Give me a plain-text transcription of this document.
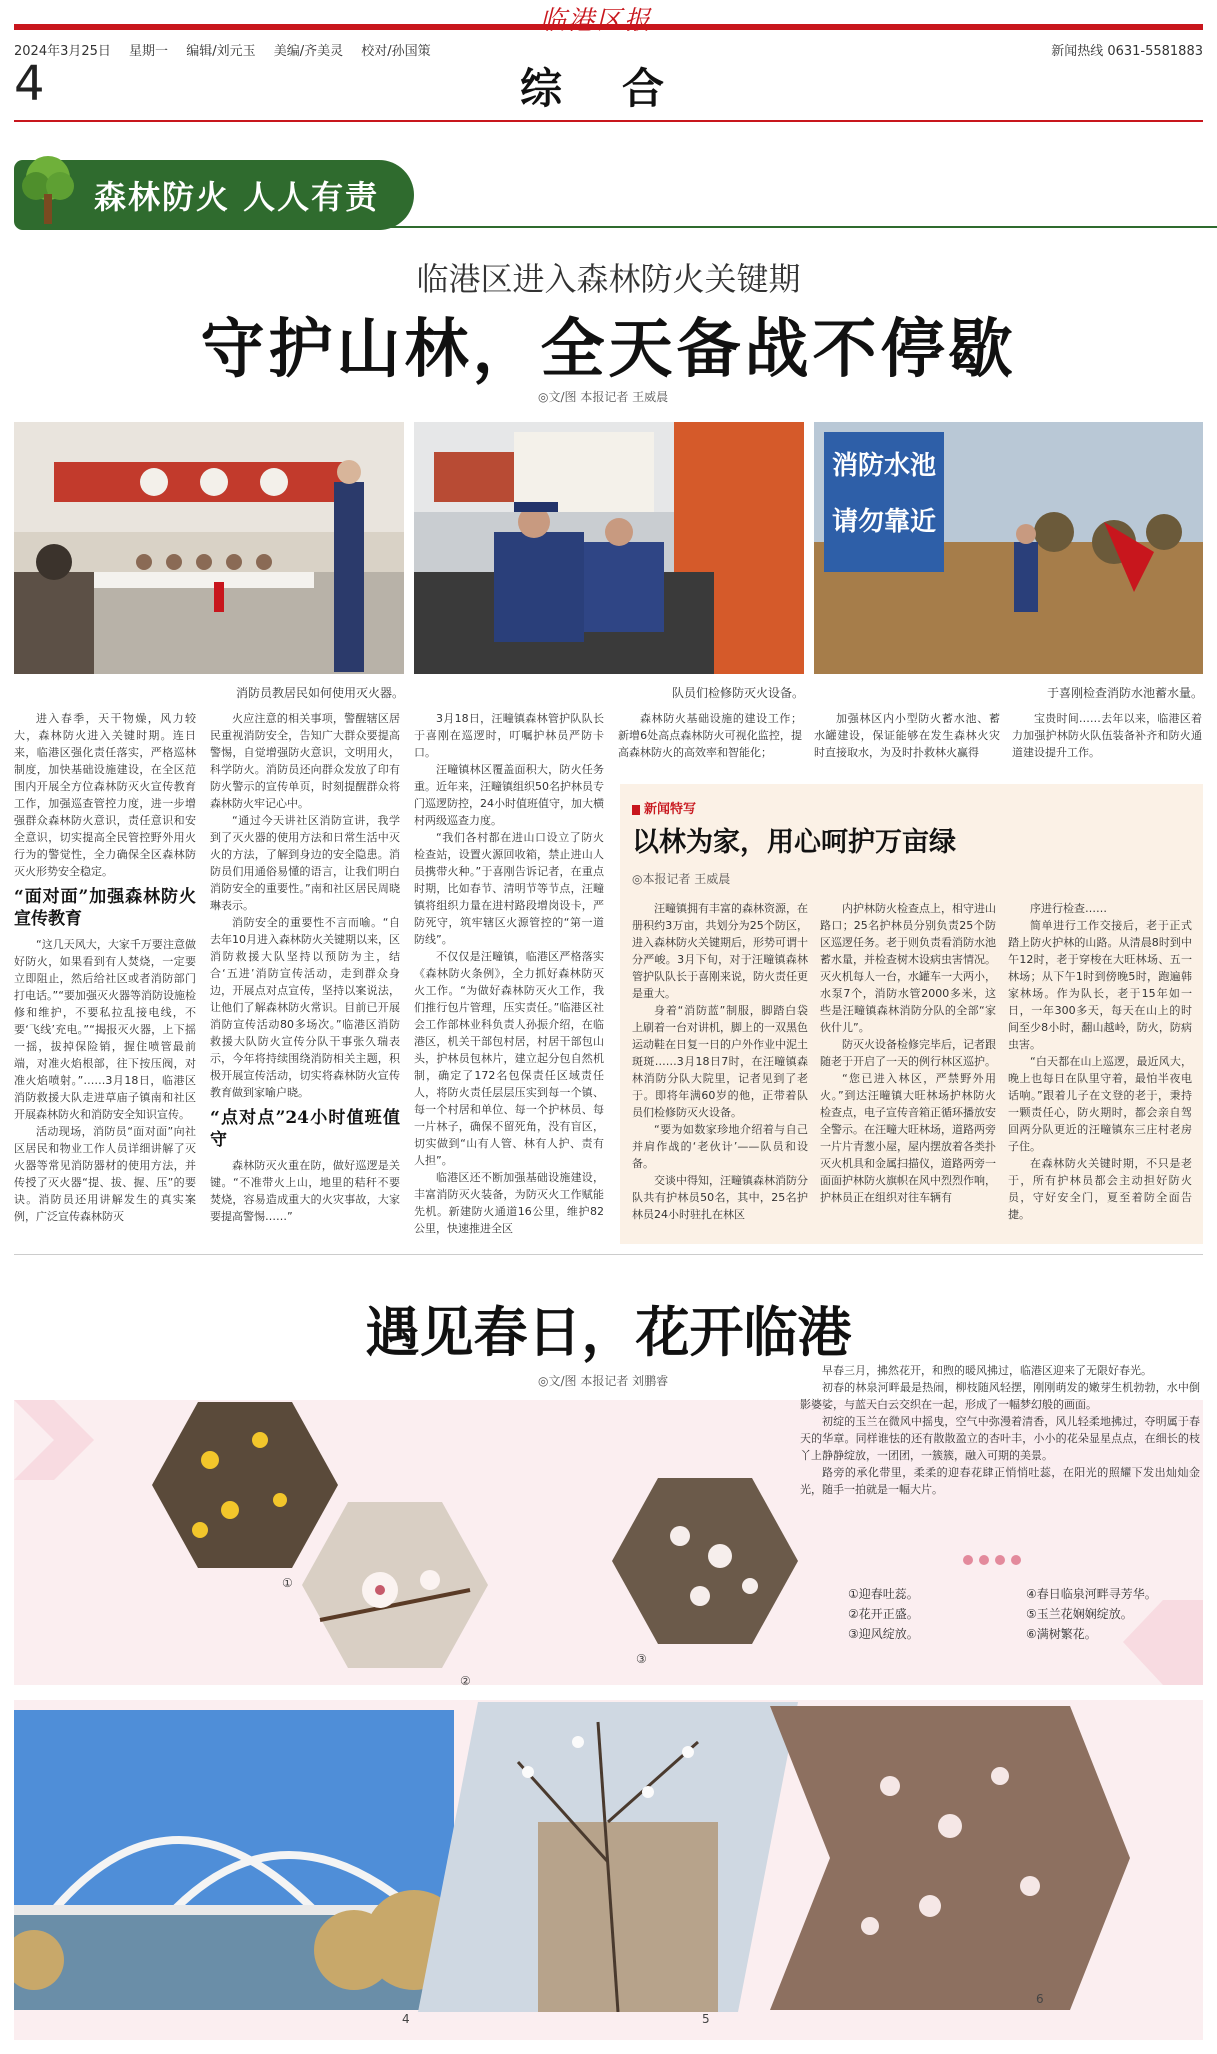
临港区报
2024年3月25日 星期一 编辑/刘元玉 美编/齐美灵 校对/孙国策	新闻热线 0631-5581883
4	综合
森林防火 人人有责
临港区进入森林防火关键期
守护山林，全天备战不停歇
◎文/图 本报记者 王威晨
消防员教居民如何使用灭火器。	队员们检修防灭火设备。
消防水池 请勿靠近
于喜刚检查消防水池蓄水量。

进入春季，天干物燥，风力较大，森林防火进入关键时期。连日来，临港区强化责任落实，严格巡林制度，加快基础设施建设，在全区范围内开展全方位森林防灭火宣传教育工作，加强巡查管控力度，进一步增强群众森林防火意识，责任意识和安全意识，切实提高全民管控野外用火行为的警觉性，全力确保全区森林防灭火形势安全稳定。

“面对面”加强森林防火宣传教育

“这几天风大，大家千万要注意做好防火，如果看到有人焚烧，一定要立即阻止，然后给社区或者消防部门打电话。”“要加强灭火器等消防设施检修和维护，不要私拉乱接电线，不要‘飞线’充电。”“揭报灭火器，上下摇一摇，拔掉保险销，握住喷管最前端，对准火焰根部，往下按压阀，对准火焰喷射。”……3月18日，临港区消防救援大队走进草庙子镇南和社区开展森林防火和消防安全知识宣传。

活动现场，消防员“面对面”向社区居民和物业工作人员详细讲解了灭火器等常见消防器材的使用方法，并传授了灭火器“提、拔、握、压”的要诀。消防员还用讲解发生的真实案例，广泛宣传森林防灭

火应注意的相关事项，警醒辖区居民重视消防安全，告知广大群众要提高警惕，自觉增强防火意识，文明用火，科学防火。消防员还向群众发放了印有防火警示的宣传单页，时刻提醒群众将森林防火牢记心中。

“通过今天讲社区消防宣讲，我学到了灭火器的使用方法和日常生活中灭火的方法，了解到身边的安全隐患。消防员们用通俗易懂的语言，让我们明白消防安全的重要性。”南和社区居民周晓琳表示。

消防安全的重要性不言而喻。“自去年10月进入森林防火关键期以来，区消防救援大队坚持以预防为主，结合‘五进’消防宣传活动，走到群众身边，开展点对点宣传，坚持以案说法，让他们了解森林防火常识。目前已开展消防宣传活动80多场次。”临港区消防救援大队防火宣传分队干事张久瑞表示，今年将持续围绕消防相关主题，积极开展宣传活动，切实将森林防火宣传教育做到家喻户晓。

“点对点”24小时值班值守

森林防灭火重在防，做好巡逻是关键。“不准带火上山，地里的秸秆不要焚烧，容易造成重大的火灾事故，大家要提高警惕……”

3月18日，汪疃镇森林管护队队长于喜刚在巡逻时，叮嘱护林员严防卡口。

汪疃镇林区覆盖面积大，防火任务重。近年来，汪疃镇组织50名护林员专门巡逻防控，24小时值班值守，加大横村两级巡查力度。

“我们各村都在进山口设立了防火检查站，设置火源回收箱，禁止进山人员携带火种。”于喜刚告诉记者，在重点时期，比如春节、清明节等节点，汪疃镇将组织力量在进村路段增岗设卡，严防死守，筑牢辖区火源管控的“第一道防线”。

不仅仅是汪疃镇，临港区严格落实《森林防火条例》，全力抓好森林防灭火工作。“为做好森林防灭火工作，我们推行包片管理，压实责任。”临港区社会工作部林业科负责人孙振介绍，在临港区，机关干部包村居，村居干部包山头，护林员包林片，建立起分包自然机制，确定了172名包保责任区域责任人，将防火责任层层压实到每一个镇、每一个村居和单位、每一个护林员、每一片林子，确保不留死角，没有盲区，切实做到“山有人管、林有人护、责有人担”。

临港区还不断加强基础设施建设，丰富消防灭火装备，为防灭火工作赋能先机。新建防火通道16公里，维护82公里，快速推进全区

森林防火基础设施的建设工作；新增6处高点森林防火可视化监控，提高森林防火的高效率和智能化；

加强林区内小型防火蓄水池、蓄水罐建设，保证能够在发生森林火灾时直接取水，为及时扑救林火赢得

宝贵时间……去年以来，临港区着力加强护林防火队伍装备补齐和防火通道建设提升工作。

新闻特写
以林为家，用心呵护万亩绿
◎本报记者 王威晨

汪疃镇拥有丰富的森林资源，在册积约3万亩，共划分为25个防区，进入森林防火关键期后，形势可谓十分严峻。3月下旬，对于汪疃镇森林管护队队长于喜刚来说，防火责任更是重大。

身着“消防蓝”制服，脚踏白袋上刷着一台对讲机，脚上的一双黑色运动鞋在日复一日的户外作业中泥土斑斑……3月18日7时，在汪疃镇森林消防分队大院里，记者见到了老于。即将年满60岁的他，正带着队员们检修防灭火设备。

“要为如数家珍地介绍着与自己并肩作战的‘老伙计’——队员和设备。

交谈中得知，汪疃镇森林消防分队共有护林员50名，其中，25名护林员24小时驻扎在林区

内护林防火检查点上，相守进山路口；25名护林员分别负责25个防区巡逻任务。老于则负责看消防水池蓄水量，并检查树木设病虫害情况。灭火机每人一台，水罐车一大两小，水泵7个，消防水管2000多米，这些是汪疃镇森林消防分队的全部“家伙什儿”。

防灭火设备检修完毕后，记者跟随老于开启了一天的例行林区巡护。

“您已进入林区，严禁野外用火。”到达汪疃镇大旺林场护林防火检查点，电子宣传音箱正循环播放安全警示。在汪疃大旺林场，道路两旁一片片青葱小屋，屋内摆放着各类扑灭火机具和金属扫描仪，道路两旁一面面护林防火旗帜在风中烈烈作响，护林员正在组织对往车辆有

序进行检查……

简单进行工作交接后，老于正式踏上防火护林的山路。从清晨8时到中午12时，老于穿梭在大旺林场、五一林场；从下午1时到傍晚5时，跑遍韩家林场。作为队长，老于15年如一日，一年300多天，每天在山上的时间至少8小时，翻山越岭，防火，防病虫害。

“白天都在山上巡逻，最近风大，晚上也每日在队里守着，最怕半夜电话响。”跟着儿子在文登的老于，秉持一颗责任心，防火期时，都会亲自驾回两分队更近的汪疃镇东三庄村老房子住。

在森林防火关键时期，不只是老于，所有护林员都会主动担好防火员，守好安全门，夏至着防全面告捷。

遇见春日，花开临港
◎文/图 本报记者 刘鹏睿

早春三月，拂然花开，和煦的暖风拂过，临港区迎来了无限好春光。

初春的林泉河畔最是热闹，柳枝随风轻摆，刚刚萌发的嫩芽生机勃勃，水中倒影婆娑，与蓝天白云交织在一起，形成了一幅梦幻般的画面。

初绽的玉兰在微风中摇曳，空气中弥漫着清香，风儿轻柔地拂过，夺明属于春天的华章。同样谁怯的还有散散盈立的杏叶丰，小小的花朵显星点点，在细长的枝丫上静静绽放，一团团，一簇簇，融入可期的美景。

路旁的承化带里，柔柔的迎春花肆正悄悄吐蕊，在阳光的照耀下发出灿灿金光，随手一拍就是一幅大片。

①
②
③
①迎春吐蕊。
②花开正盛。
③迎风绽放。
④春日临泉河畔寻芳华。
⑤玉兰花娴娴绽放。
⑥满树繁花。
4	5
6
